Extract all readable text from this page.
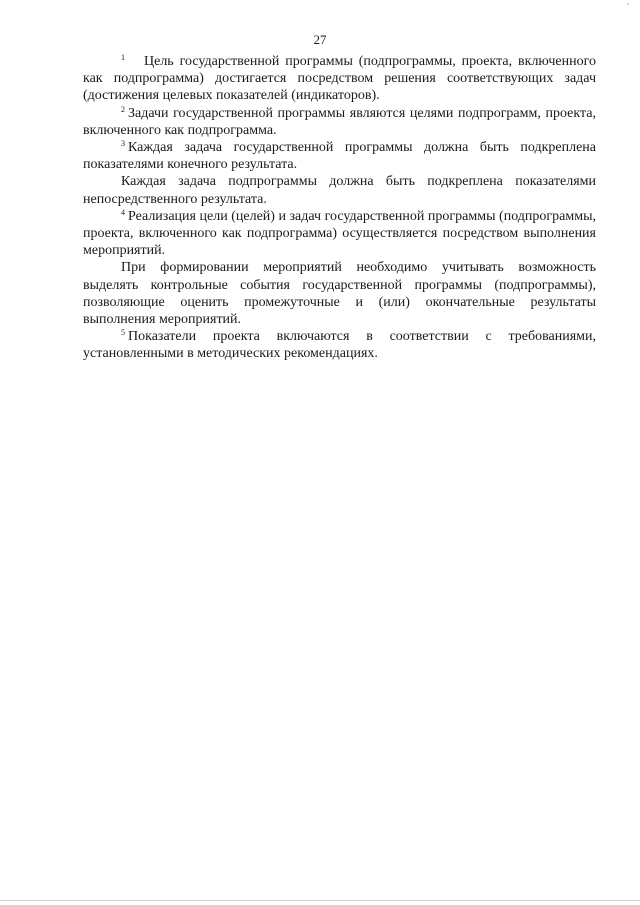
27

$^1$ Цель государственной программы (подпрограммы, проекта, включенного как подпрограмма) достигается посредством решения соответствующих задач (достижения целевых показателей (индикаторов).

$^2$ Задачи государственной программы являются целями подпрограмм, проекта, включенного как подпрограмма.

$^3$ Каждая задача государственной программы должна быть подкреплена показателями конечного результата.

Каждая задача подпрограммы должна быть подкреплена показателями непосредственного результата.

$^4$ Реализация цели (целей) и задач государственной программы (подпрограммы, проекта, включенного как подпрограмма) осуществляется посредством выполнения мероприятий.

При формировании мероприятий необходимо учитывать возможность выделять контрольные события государственной программы (подпрограммы), позволяющие оценить промежуточные и (или) окончательные результаты выполнения мероприятий.

$^5$ Показатели проекта включаются в соответствии с требованиями, установленными в методических рекомендациях.
